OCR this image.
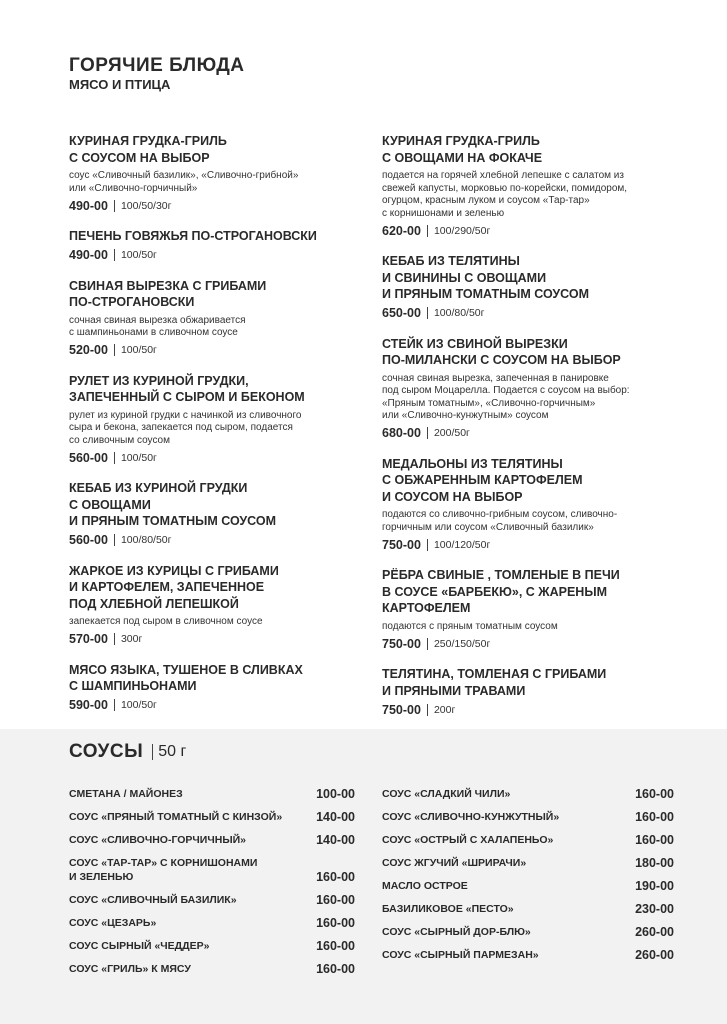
ГОРЯЧИЕ БЛЮДА
МЯСО И ПТИЦА
КУРИНАЯ ГРУДКА-ГРИЛЬ
С СОУСОМ НА ВЫБОР
соус «Сливочный базилик», «Сливочно-грибной»
или «Сливочно-горчичный»
490-00 100/50/30г
ПЕЧЕНЬ ГОВЯЖЬЯ ПО-СТРОГАНОВСКИ
490-00 100/50г
СВИНАЯ ВЫРЕЗКА С ГРИБАМИ
ПО-СТРОГАНОВСКИ
сочная свиная вырезка обжаривается
с шампиньонами в сливочном соусе
520-00 100/50г
РУЛЕТ ИЗ КУРИНОЙ ГРУДКИ,
ЗАПЕЧЕННЫЙ С СЫРОМ И БЕКОНОМ
рулет из куриной грудки с начинкой из сливочного
сыра и бекона, запекается под сыром, подается
со сливочным соусом
560-00 100/50г
КЕБАБ ИЗ КУРИНОЙ ГРУДКИ
С ОВОЩАМИ
И ПРЯНЫМ ТОМАТНЫМ СОУСОМ
560-00 100/80/50г
ЖАРКОЕ ИЗ КУРИЦЫ С ГРИБАМИ
И КАРТОФЕЛЕМ, ЗАПЕЧЕННОЕ
ПОД ХЛЕБНОЙ ЛЕПЕШКОЙ
запекается под сыром в сливочном соусе
570-00 300г
МЯСО ЯЗЫКА, ТУШЕНОЕ В СЛИВКАХ
С ШАМПИНЬОНАМИ
590-00 100/50г
КУРИНАЯ ГРУДКА-ГРИЛЬ
С ОВОЩАМИ НА ФОКАЧЕ
подается на горячей хлебной лепешке с салатом из
свежей капусты, морковью по-корейски, помидором,
огурцом, красным луком и соусом «Тар-тар»
с корнишонами и зеленью
620-00 100/290/50г
КЕБАБ ИЗ ТЕЛЯТИНЫ
И СВИНИНЫ С ОВОЩАМИ
И ПРЯНЫМ ТОМАТНЫМ СОУСОМ
650-00 100/80/50г
СТЕЙК ИЗ СВИНОЙ ВЫРЕЗКИ
ПО-МИЛАНСКИ С СОУСОМ НА ВЫБОР
сочная свиная вырезка, запеченная в панировке
под сыром Моцарелла. Подается с соусом на выбор:
«Пряным томатным», «Сливочно-горчичным»
или «Сливочно-кунжутным» соусом
680-00 200/50г
МЕДАЛЬОНЫ ИЗ ТЕЛЯТИНЫ
С ОБЖАРЕННЫМ КАРТОФЕЛЕМ
И СОУСОМ НА ВЫБОР
подаются со сливочно-грибным соусом, сливочно-
горчичным или соусом «Сливочный базилик»
750-00 100/120/50г
РЁБРА СВИНЫЕ , ТОМЛЕНЫЕ В ПЕЧИ
В СОУСЕ «БАРБЕКЮ», С ЖАРЕНЫМ
КАРТОФЕЛЕМ
подаются с пряным томатным соусом
750-00 250/150/50г
ТЕЛЯТИНА, ТОМЛЕНАЯ С ГРИБАМИ
И ПРЯНЫМИ ТРАВАМИ
750-00 200г
СОУСЫ 50 г
СМЕТАНА / МАЙОНЕЗ	100-00
СОУС «ПРЯНЫЙ ТОМАТНЫЙ С КИНЗОЙ»	140-00
СОУС «СЛИВОЧНО-ГОРЧИЧНЫЙ»	140-00
СОУС «ТАР-ТАР» С КОРНИШОНАМИ
И ЗЕЛЕНЬЮ	160-00
СОУС «СЛИВОЧНЫЙ БАЗИЛИК»	160-00
СОУС «ЦЕЗАРЬ»	160-00
СОУС СЫРНЫЙ «ЧЕДДЕР»	160-00
СОУС «ГРИЛЬ» К МЯСУ	160-00
СОУС «СЛАДКИЙ ЧИЛИ»	160-00
СОУС «СЛИВОЧНО-КУНЖУТНЫЙ»	160-00
СОУС «ОСТРЫЙ С ХАЛАПЕНЬО»	160-00
СОУС ЖГУЧИЙ «ШРИРАЧИ»	180-00
МАСЛО ОСТРОЕ	190-00
БАЗИЛИКОВОЕ «ПЕСТО»	230-00
СОУС «СЫРНЫЙ ДОР-БЛЮ»	260-00
СОУС «СЫРНЫЙ ПАРМЕЗАН»	260-00
